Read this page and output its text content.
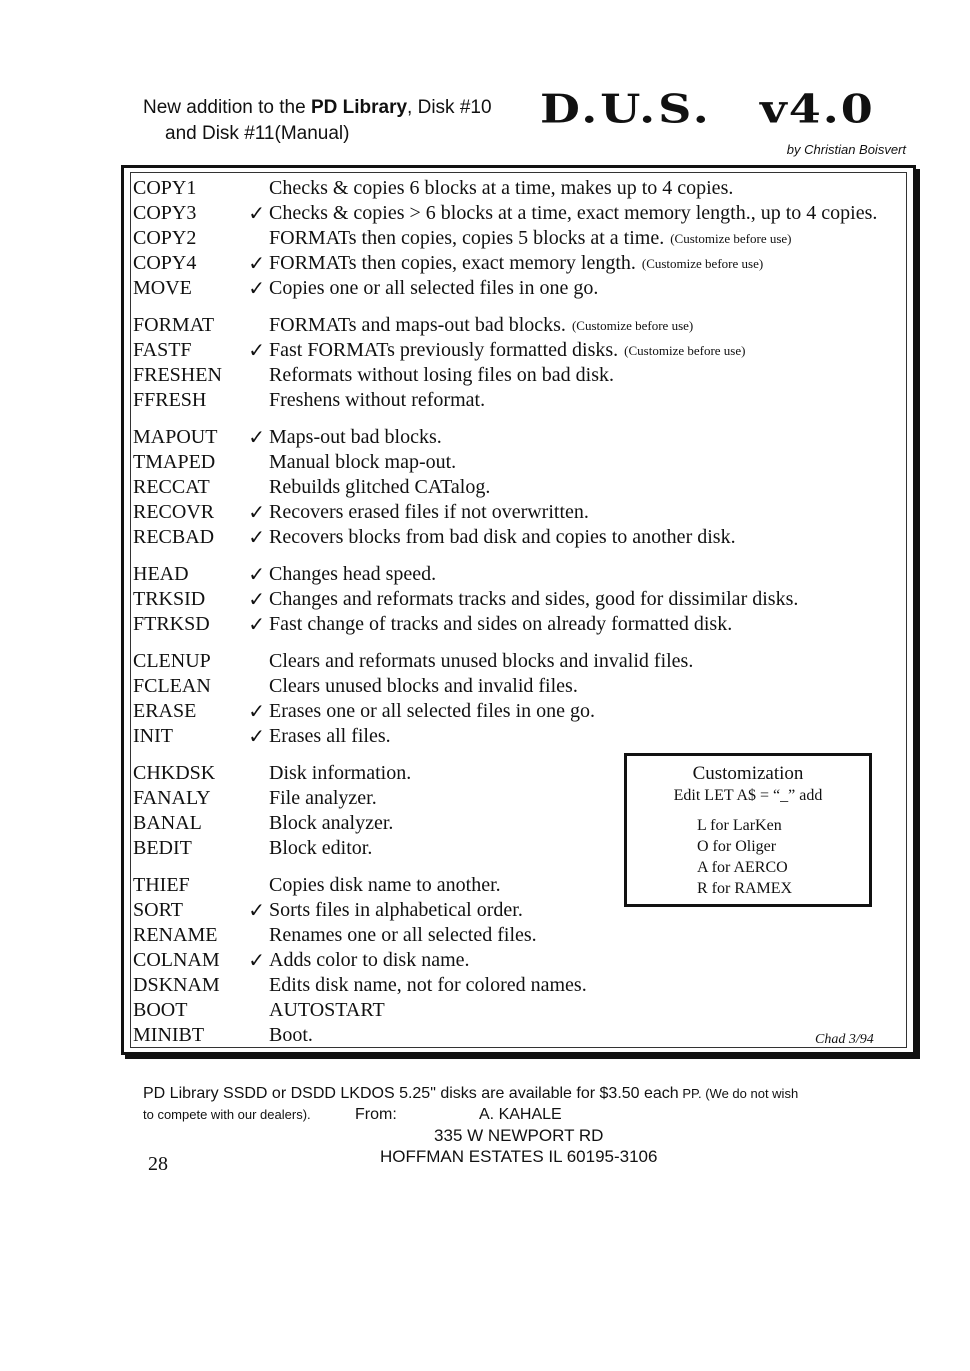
New addition to the PD Library, Disk #10
and Disk #11(Manual)
D.U.S. v4.0
by Christian Boisvert
COPY1	Checks & copies 6 blocks at a time, makes up to 4 copies.
COPY3	✓ Checks & copies > 6 blocks at a time, exact memory length., up to 4 copies.
COPY2	FORMATs then copies, copies 5 blocks at a time. (Customize before use)
COPY4	✓ FORMATs then copies, exact memory length. (Customize before use)
MOVE	✓ Copies one or all selected files in one go.
FORMAT	FORMATs and maps-out bad blocks. (Customize before use)
FASTF	✓ Fast FORMATs previously formatted disks. (Customize before use)
FRESHEN	Reformats without losing files on bad disk.
FFRESH	Freshens without reformat.
MAPOUT	✓ Maps-out bad blocks.
TMAPED	Manual block map-out.
RECCAT	Rebuilds glitched CATalog.
RECOVR	✓ Recovers erased files if not overwritten.
RECBAD	✓ Recovers blocks from bad disk and copies to another disk.
HEAD	✓ Changes head speed.
TRKSID	✓ Changes and reformats tracks and sides, good for dissimilar disks.
FTRKSD	✓ Fast change of tracks and sides on already formatted disk.
CLENUP	Clears and reformats unused blocks and invalid files.
FCLEAN	Clears unused blocks and invalid files.
ERASE	✓ Erases one or all selected files in one go.
INIT	✓ Erases all files.
CHKDSK	Disk information.
FANALY	File analyzer.
BANAL	Block analyzer.
BEDIT	Block editor.
THIEF	Copies disk name to another.
SORT	✓ Sorts files in alphabetical order.
RENAME	Renames one or all selected files.
COLNAM	✓ Adds color to disk name.
DSKNAM	Edits disk name, not for colored names.
BOOT	AUTOSTART
MINIBT	Boot.
Customization
Edit LET A$ = “_” add
L for LarKen
O for Oliger
A for AERCO
R for RAMEX
Chad 3/94
PD Library SSDD or DSDD LKDOS 5.25" disks are available for $3.50 each PP. (We do not wish
to compete with our dealers).	From:	A. KAHALE
335 W NEWPORT RD
HOFFMAN ESTATES IL 60195-3106
28
